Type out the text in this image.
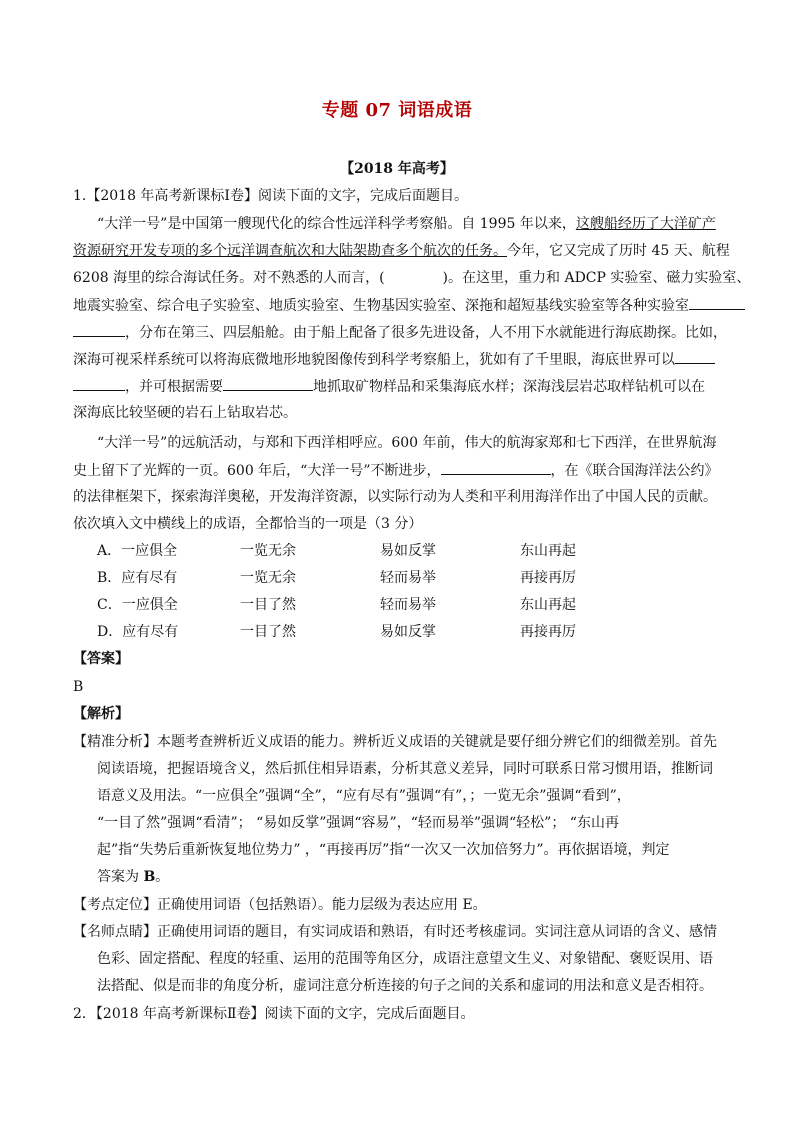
专题 07 词语成语
【2018 年高考】
1.【2018 年高考新课标Ⅰ卷】阅读下面的文字，完成后面题目。
“大洋一号”是中国第一艘现代化的综合性远洋科学考察船。自 1995 年以来，这艘船经历了大洋矿产
资源研究开发专项的多个远洋调查航次和大陆架勘查多个航次的任务。今年，它又完成了历时 45 天、航程
6208 海里的综合海试任务。对不熟悉的人而言，(	)。在这里，重力和 ADCP 实验室、磁力实验室、
地震实验室、综合电子实验室、地质实验室、生物基因实验室、深拖和超短基线实验室等各种实验室
，分布在第三、四层船舱。由于船上配备了很多先进设备，人不用下水就能进行海底勘探。比如，
深海可视采样系统可以将海底微地形地貌图像传到科学考察船上，犹如有了千里眼，海底世界可以
，并可根据需要	地抓取矿物样品和采集海底水样；深海浅层岩芯取样钻机可以在
深海底比较坚硬的岩石上钻取岩芯。
“大洋一号”的远航活动，与郑和下西洋相呼应。600 年前，伟大的航海家郑和七下西洋，在世界航海
史上留下了光辉的一页。600 年后，“大洋一号”不断进步，	，在《联合国海洋法公约》
的法律框架下，探索海洋奥秘，开发海洋资源，以实际行动为人类和平利用海洋作出了中国人民的贡献。
依次填入文中横线上的成语，全都恰当的一项是（3 分）
A．一应俱全	一览无余	易如反掌	东山再起
B．应有尽有	一览无余	轻而易举	再接再厉
C．一应俱全	一目了然	轻而易举	东山再起
D．应有尽有	一目了然	易如反掌	再接再厉
【答案】
B
【解析】
【精准分析】本题考查辨析近义成语的能力。辨析近义成语的关键就是要仔细分辨它们的细微差别。首先
阅读语境，把握语境含义，然后抓住相异语素，分析其意义差异，同时可联系日常习惯用语，推断词
语意义及用法。“一应俱全”强调“全”，“应有尽有”强调“有”，；一览无余”强调“看到”，
“一目了然”强调“看清”； “易如反掌”强调“容易”，“轻而易举”强调“轻松”； “东山再
起”指“失势后重新恢复地位势力” ，“再接再厉”指“一次又一次加倍努力”。再依据语境，判定
答案为 B。
【考点定位】正确使用词语（包括熟语）。能力层级为表达应用 E。
【名师点睛】正确使用词语的题目，有实词成语和熟语，有时还考核虚词。实词注意从词语的含义、感情
色彩、固定搭配、程度的轻重、运用的范围等角区分，成语注意望文生义、对象错配、褒贬误用、语
法搭配、似是而非的角度分析，虚词注意分析连接的句子之间的关系和虚词的用法和意义是否相符。
2．【2018 年高考新课标Ⅱ卷】阅读下面的文字，完成后面题目。
